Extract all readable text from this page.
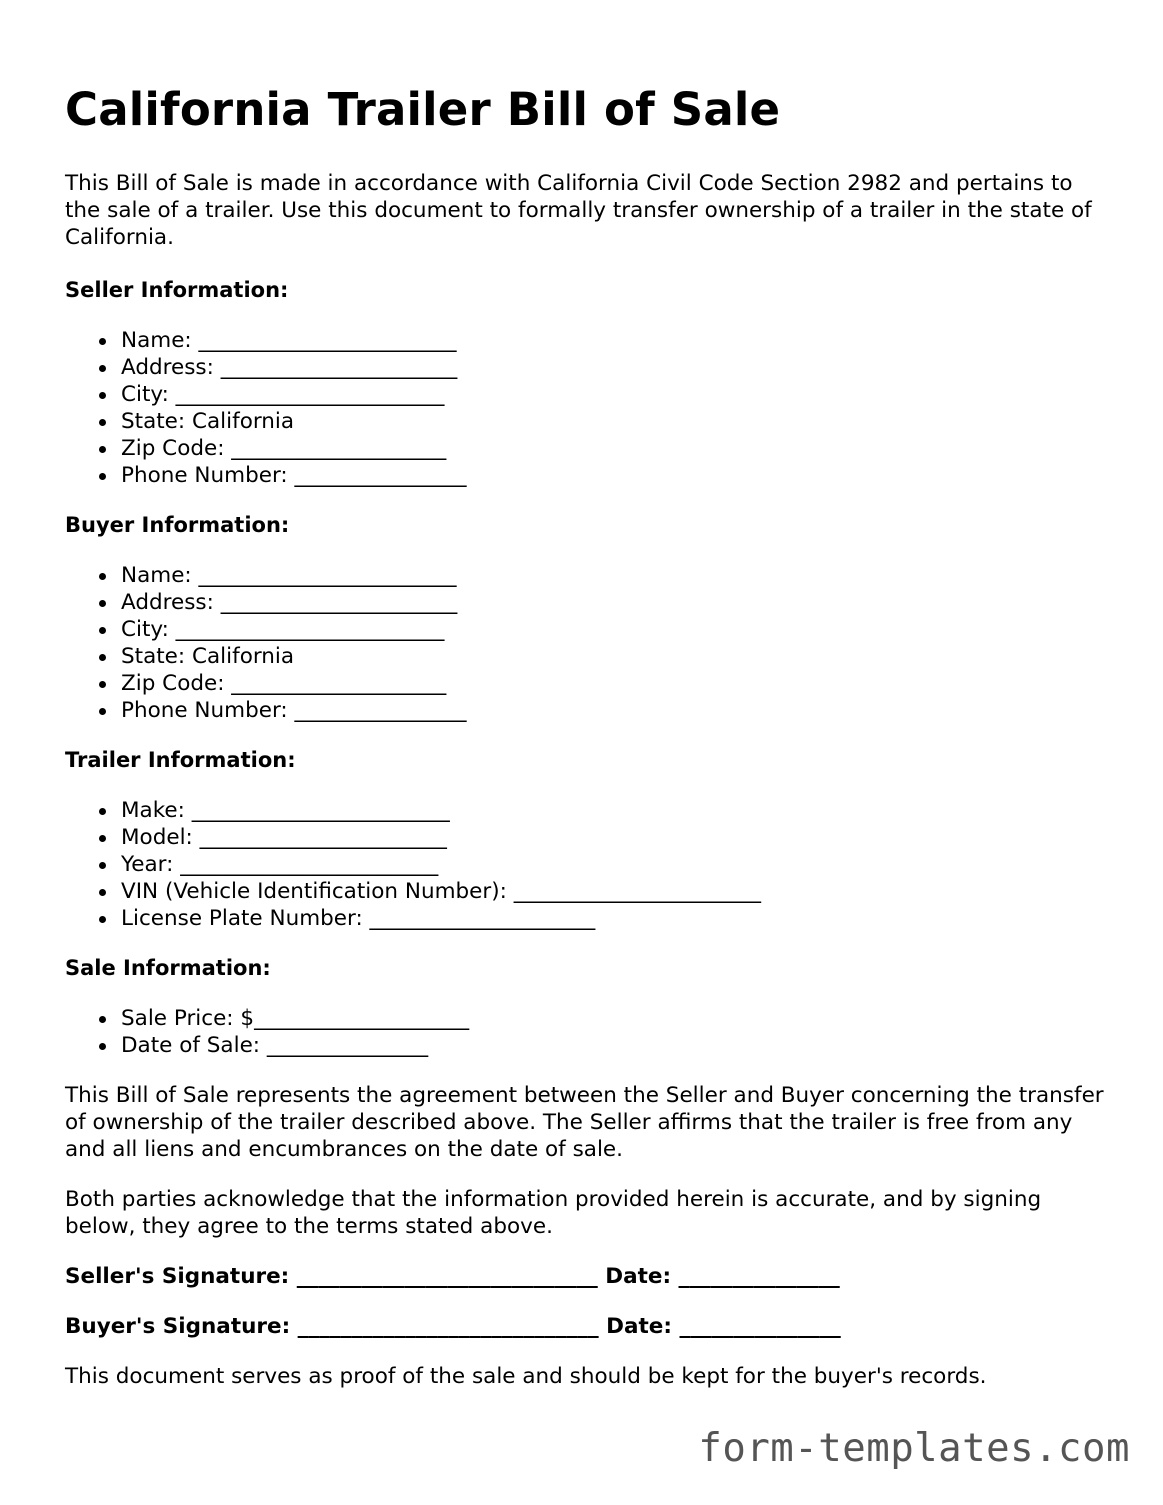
California Trailer Bill of Sale

This Bill of Sale is made in accordance with California Civil Code Section 2982 and pertains to the sale of a trailer. Use this document to formally transfer ownership of a trailer in the state of California.

Seller Information:
Name: ________________________
Address: ______________________
City: _________________________
State: California
Zip Code: ____________________
Phone Number: ________________
Buyer Information:
Name: ________________________
Address: ______________________
City: _________________________
State: California
Zip Code: ____________________
Phone Number: ________________
Trailer Information:
Make: ________________________
Model: _______________________
Year: ________________________
VIN (Vehicle Identification Number): _______________________
License Plate Number: _____________________
Sale Information:
Sale Price: $____________________
Date of Sale: _______________

This Bill of Sale represents the agreement between the Seller and Buyer concerning the transfer of ownership of the trailer described above. The Seller affirms that the trailer is free from any and all liens and encumbrances on the date of sale.

Both parties acknowledge that the information provided herein is accurate, and by signing below, they agree to the terms stated above.

Seller's Signature: ____________________________ Date: _______________
Buyer's Signature: ____________________________ Date: _______________

This document serves as proof of the sale and should be kept for the buyer's records.

form-templates.com
